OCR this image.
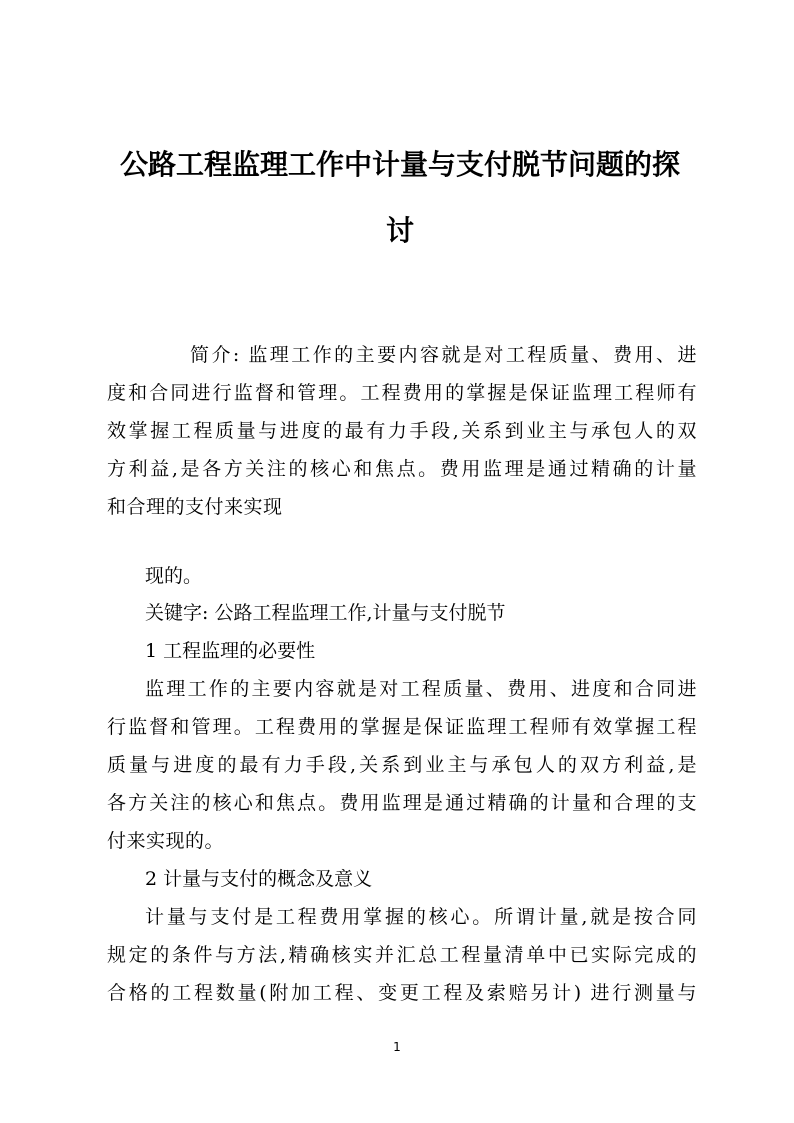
公路工程监理工作中计量与支付脱节问题的探
讨
简介: 监理工作的主要内容就是对工程质量、费用、进
度和合同进行监督和管理。工程费用的掌握是保证监理工程师有
效掌握工程质量与进度的最有力手段,关系到业主与承包人的双
方利益,是各方关注的核心和焦点。费用监理是通过精确的计量
和合理的支付来实现
现的。
关键字: 公路工程监理工作,计量与支付脱节
1 工程监理的必要性
监理工作的主要内容就是对工程质量、费用、进度和合同进
行监督和管理。工程费用的掌握是保证监理工程师有效掌握工程
质量与进度的最有力手段,关系到业主与承包人的双方利益,是
各方关注的核心和焦点。费用监理是通过精确的计量和合理的支
付来实现的。
2 计量与支付的概念及意义
计量与支付是工程费用掌握的核心。所谓计量,就是按合同
规定的条件与方法,精确核实并汇总工程量清单中已实际完成的
合格的工程数量(附加工程、变更工程及索赔另计) 进行测量与
1
